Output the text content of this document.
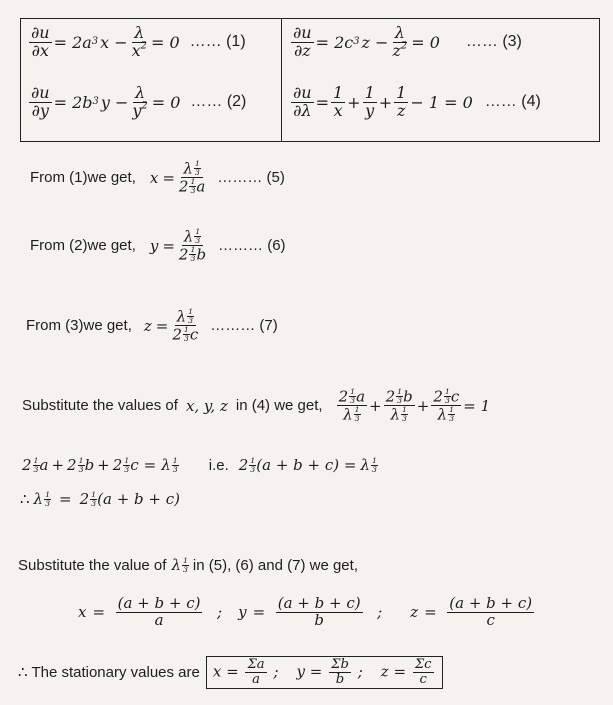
$\frac{\partial u}{\partial x} = 2a$ 3 $x - \frac{\lambda}{x^2} = 0$ …… (1)
$\frac{\partial u}{\partial y} = 2b$ 3 $y - \frac{\lambda}{y^2} = 0$ …… (2)
$\frac{\partial u}{\partial z} = 2c$ 3 $z - \frac{\lambda}{z^2} = 0$ …… (3)
$\frac{\partial u}{\partial\lambda} = \frac{1}{x} + \frac{1}{y} + \frac{1}{z} - 1 = 0$ …… (4)
From (1)we get, $x = \frac{\lambda \frac{1}{3}}{2 \frac{1}{3} a}$ ……… (5)
From (2)we get, $y = \frac{\lambda \frac{1}{3}}{2 \frac{1}{3} b}$ ……… (6)
From (3)we get, $z = \frac{\lambda \frac{1}{3}}{2 \frac{1}{3} c}$ ……… (7)
Substitute the values of x, y, z in (4) we get, $\frac{2 \frac{1}{3} a}{\lambda \frac{1}{3}} + \frac{2 \frac{1}{3} b}{\lambda \frac{1}{3}} + \frac{2 \frac{1}{3} c}{\lambda \frac{1}{3}} = 1$
2 1
3 a + 2 1
3 b + 2 1
3 c = λ 1
3 i.e. 2 1
3 (a + b + c) = λ 1
3
∴ λ $\frac{1}{3} = 2$ 1
3 (a + b + c)
Substitute the value of λ 1
3 in (5), (6) and (7) we get,
$x = \frac{(a + b + c)}{a}$ ; $y = \frac{(a + b + c)}{b}$ ; $z = \frac{(a + b + c)}{c}$
∴ The stationary values are $x = \frac{\Sigma a}{a}$ ; $y = \frac{\Sigma b}{b}$ ; $z = \frac{\Sigma c}{c}$
